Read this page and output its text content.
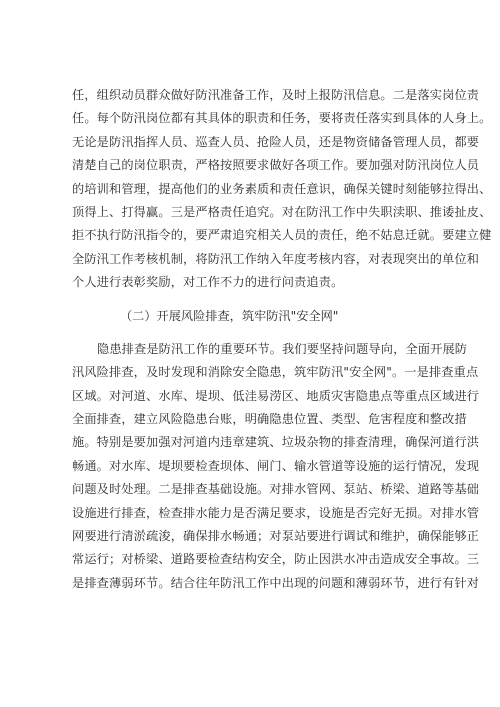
任，组织动员群众做好防汛准备工作，及时上报防汛信息。二是落实岗位责
任。每个防汛岗位都有其具体的职责和任务，要将责任落实到具体的人身上。
无论是防汛指挥人员、巡查人员、抢险人员，还是物资储备管理人员，都要
清楚自己的岗位职责，严格按照要求做好各项工作。要加强对防汛岗位人员
的培训和管理，提高他们的业务素质和责任意识，确保关键时刻能够拉得出、
顶得上、打得赢。三是严格责任追究。对在防汛工作中失职渎职、推诿扯皮、
拒不执行防汛指令的，要严肃追究相关人员的责任，绝不姑息迁就。要建立健
全防汛工作考核机制，将防汛工作纳入年度考核内容，对表现突出的单位和
个人进行表彰奖励，对工作不力的进行问责追责。
（二）开展风险排查，筑牢防汛"安全网"
隐患排查是防汛工作的重要环节。我们要坚持问题导向，全面开展防
汛风险排查，及时发现和消除安全隐患，筑牢防汛"安全网"。一是排查重点
区域。对河道、水库、堤坝、低洼易涝区、地质灾害隐患点等重点区域进行
全面排查，建立风险隐患台账，明确隐患位置、类型、危害程度和整改措
施。特别是要加强对河道内违章建筑、垃圾杂物的排查清理，确保河道行洪
畅通。对水库、堤坝要检查坝体、闸门、输水管道等设施的运行情况，发现
问题及时处理。二是排查基础设施。对排水管网、泵站、桥梁、道路等基础
设施进行排查，检查排水能力是否满足要求，设施是否完好无损。对排水管
网要进行清淤疏浚，确保排水畅通；对泵站要进行调试和维护，确保能够正
常运行；对桥梁、道路要检查结构安全，防止因洪水冲击造成安全事故。三
是排查薄弱环节。结合往年防汛工作中出现的问题和薄弱环节，进行有针对
